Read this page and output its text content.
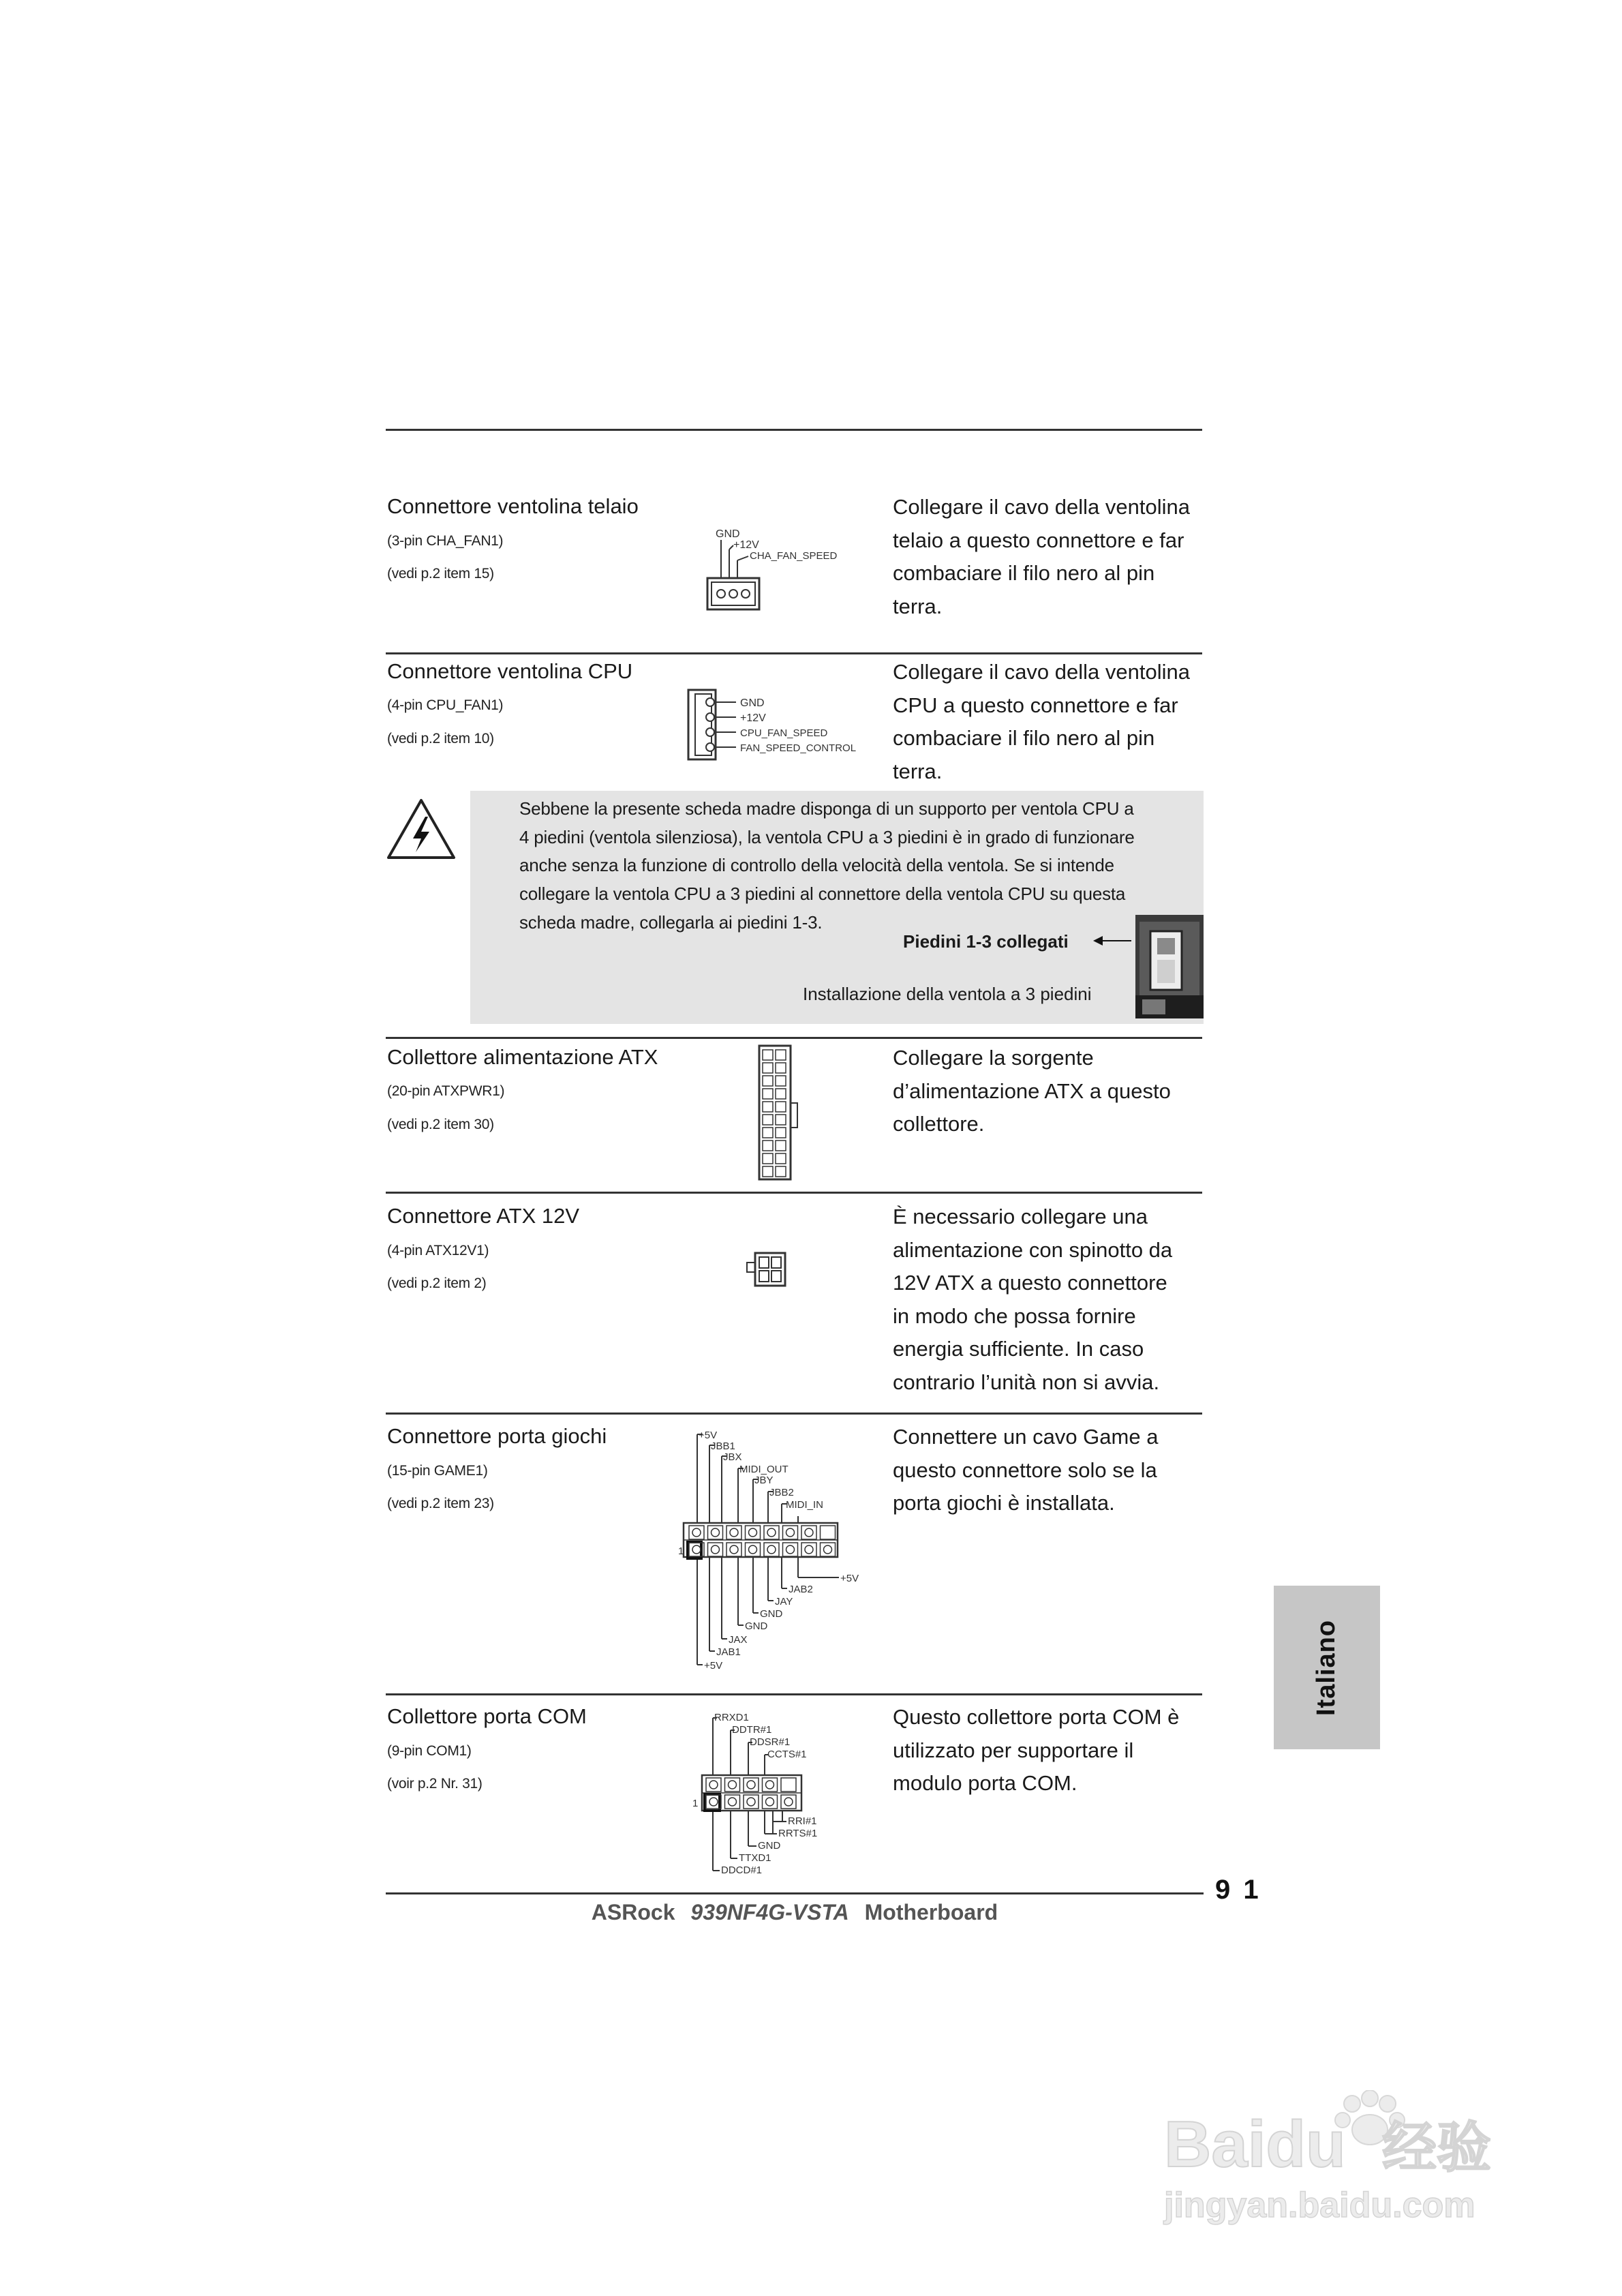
Connettore ventolina telaio
(3-pin CHA_FAN1)
(vedi p.2 item 15)
Collegare il cavo della ventolina
telaio a questo connettore e far
combaciare il filo nero al pin
terra.
GND
+12V
CHA_FAN_SPEED
Connettore ventolina CPU
(4-pin CPU_FAN1)
(vedi p.2 item 10)
Collegare il cavo della ventolina
CPU a questo connettore e far
combaciare il filo nero al pin
terra.
GND
+12V
CPU_FAN_SPEED
FAN_SPEED_CONTROL
Sebbene la presente scheda madre disponga di un supporto per ventola CPU a
4 piedini (ventola silenziosa), la ventola CPU a 3 piedini è in grado di funzionare
anche senza la funzione di controllo della velocità della ventola. Se si intende
collegare la ventola CPU a 3 piedini al connettore della ventola CPU su questa
scheda madre, collegarla ai piedini 1-3.
Piedini 1-3 collegati
Installazione della ventola a 3 piedini
Collettore alimentazione ATX
(20-pin ATXPWR1)
(vedi p.2 item 30)
Collegare la sorgente
d’alimentazione ATX a questo
collettore.
Connettore ATX 12V
(4-pin ATX12V1)
(vedi p.2 item 2)
È necessario collegare una
alimentazione con spinotto da
12V ATX a questo connettore
in modo che possa fornire
energia sufficiente. In caso
contrario l’unità non si avvia.
Connettore porta giochi
(15-pin GAME1)
(vedi p.2 item 23)
Connettere un cavo Game a
questo connettore solo se la
porta giochi è installata.
1
+5V
JBB1
JBX
MIDI_OUT
JBY
JBB2
MIDI_IN
+5V
JAB2
JAY
GND
GND
JAX
JAB1
+5V
Collettore porta COM
(9-pin COM1)
(voir p.2 Nr. 31)
Questo collettore porta COM è
utilizzato per supportare il
modulo porta COM.
1
RRXD1
DDTR#1
DDSR#1
CCTS#1
RRI#1
RRTS#1
GND
TTXD1
DDCD#1
Italiano
9 1
ASRock 939NF4G-VSTA Motherboard
Baidu 经验
jingyan.baidu.com
